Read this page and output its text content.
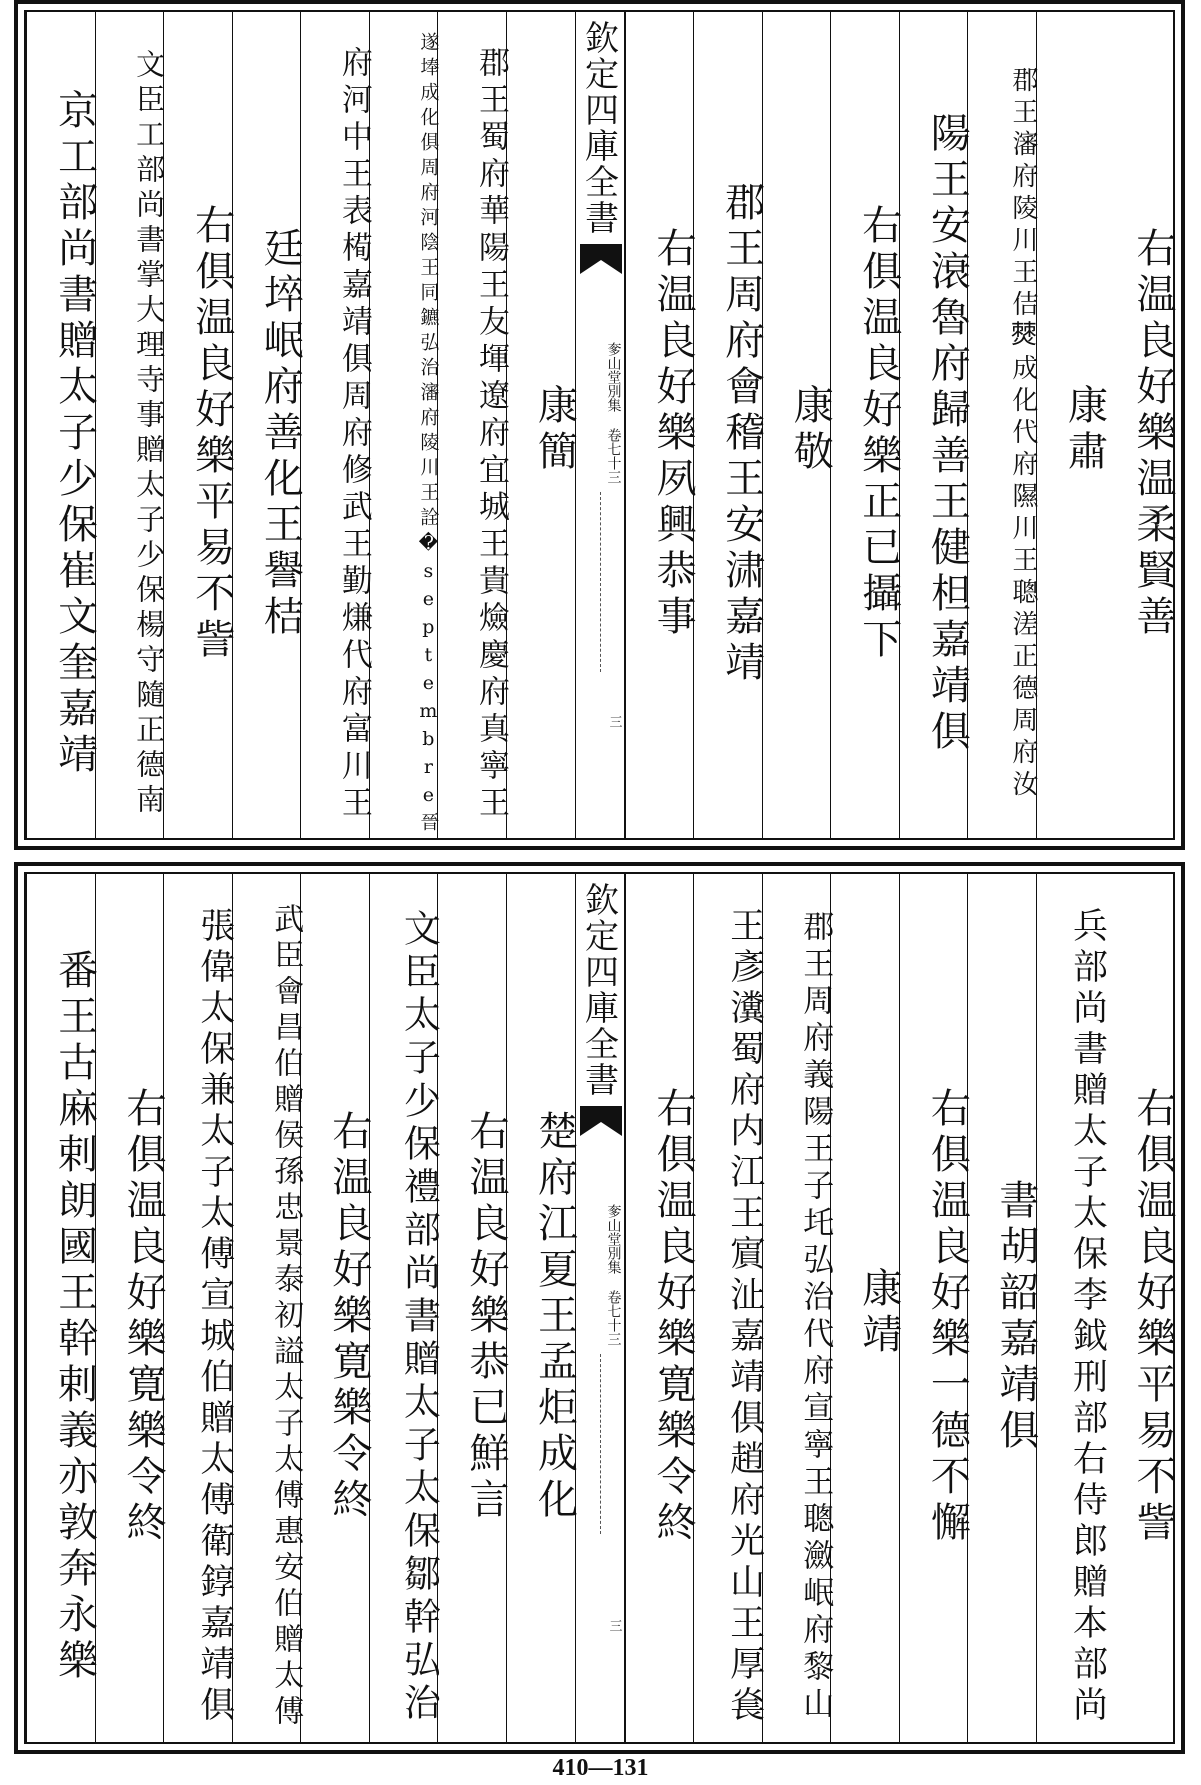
右温良好樂温柔賢善
康肅
郡王瀋府陵川王佶𤏡成化代府隰川王聰溠正德周府汝
陽王安滖魯府歸善王健柦嘉靖俱
右俱温良好樂正已攝下
康敬
郡王周府會稽王安㴋嘉靖
右温良好樂夙興恭事
康簡
郡王蜀府華陽王友堚遼府宜城王貴㷿慶府真寧王
遂埲成化俱周府河陰王同鑣弘治瀋府陵川王詮�septembre晉
府河中王表槆嘉靖俱周府修武王勤熑代府富川王
廷埣岷府善化王譽桔
右俱温良好樂平易不訾
文臣工部尚書掌大理寺事贈太子少保楊守隨正德南
京工部尚書贈太子少保崔文奎嘉靖	欽定四庫全書
奓山堂別集 卷七十三
三
右俱温良好樂平易不訾
兵部尚書贈太子太保李鉞刑部右侍郎贈本部尚
書胡韶嘉靖俱
右俱温良好樂一德不懈
康靖
郡王周府義陽王子圫弘治代府宣寧王聰瀲岷府黎山
王彥瀵蜀府内江王賔沚嘉靖俱趙府光山王厚㷃
右俱温良好樂寛樂令終
楚府江夏王孟炬成化
右温良好樂恭已鮮言
文臣太子少保禮部尚書贈太子太保鄒幹弘治
右温良好樂寛樂令終
武臣會昌伯贈侯孫忠景泰初謚太子太傅惠安伯贈太傅
張偉太保兼太子太傅宣城伯贈太傅衛錞嘉靖俱
右俱温良好樂寛樂令終
番王古麻剌朗國王幹剌義亦敦奔永樂	欽定四庫全書
奓山堂別集 卷七十三
三
410—131
